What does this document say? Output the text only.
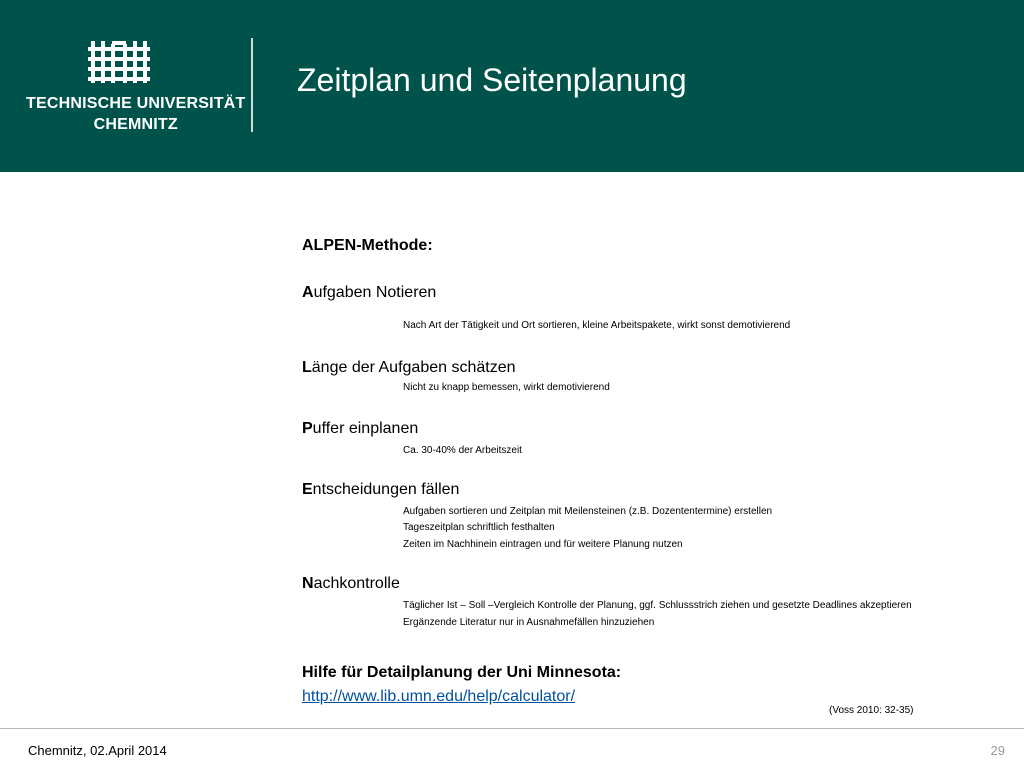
TECHNISCHE UNIVERSITÄT
CHEMNITZ
Zeitplan und Seitenplanung
ALPEN-Methode:
Aufgaben Notieren
Nach Art der Tätigkeit und Ort sortieren, kleine Arbeitspakete, wirkt sonst demotivierend
Länge der Aufgaben schätzen
Nicht zu knapp bemessen, wirkt demotivierend
Puffer einplanen
Ca. 30-40% der Arbeitszeit
Entscheidungen fällen
Aufgaben sortieren und Zeitplan mit Meilensteinen (z.B. Dozententermine) erstellen
Tageszeitplan schriftlich festhalten
Zeiten im Nachhinein eintragen und für weitere Planung nutzen
Nachkontrolle
Täglicher Ist – Soll –Vergleich Kontrolle der Planung, ggf. Schlussstrich ziehen und gesetzte Deadlines akzeptieren
Ergänzende Literatur nur in Ausnahmefällen hinzuziehen
Hilfe für Detailplanung der Uni Minnesota:
http://www.lib.umn.edu/help/calculator/
(Voss 2010: 32-35)
Chemnitz, 02.April 2014	29
